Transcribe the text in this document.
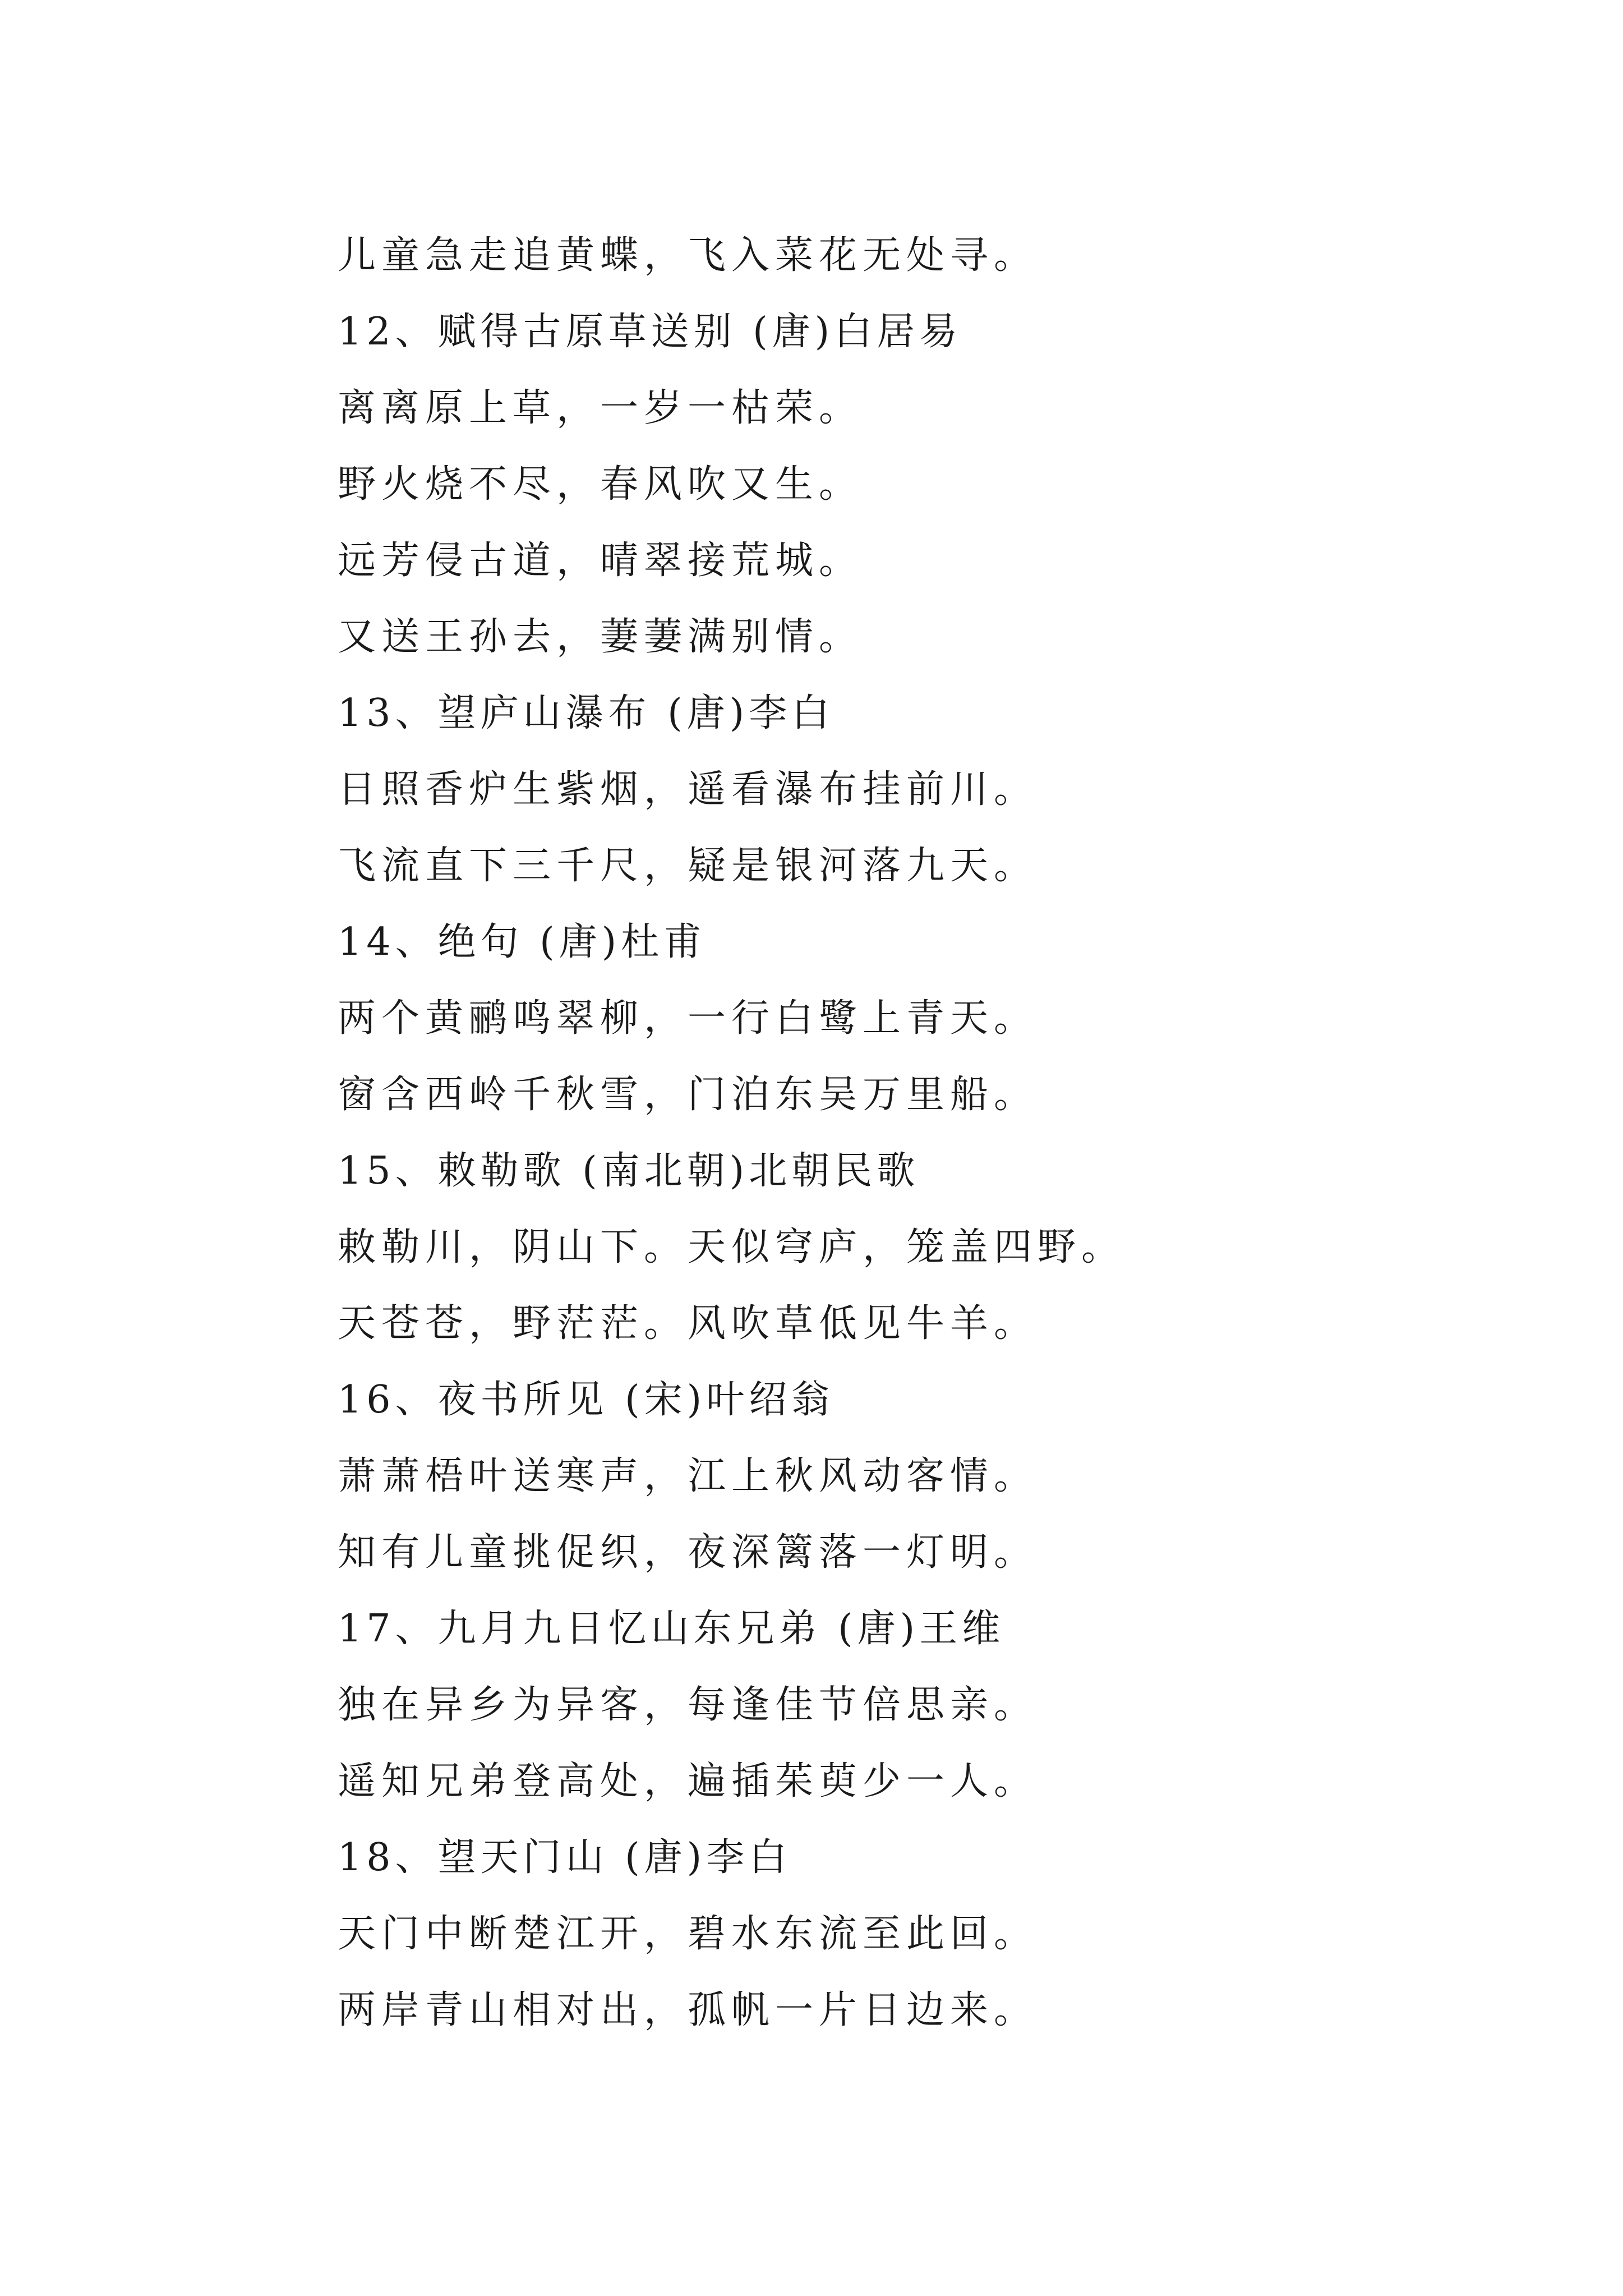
儿童急走追黄蝶，飞入菜花无处寻。
12、赋得古原草送别 (唐)白居易
离离原上草，一岁一枯荣。
野火烧不尽，春风吹又生。
远芳侵古道，晴翠接荒城。
又送王孙去，萋萋满别情。
13、望庐山瀑布 (唐)李白
日照香炉生紫烟，遥看瀑布挂前川。
飞流直下三千尺，疑是银河落九天。
14、绝句 (唐)杜甫
两个黄鹂鸣翠柳，一行白鹭上青天。
窗含西岭千秋雪，门泊东吴万里船。
15、敕勒歌 (南北朝)北朝民歌
敕勒川，阴山下。天似穹庐，笼盖四野。
天苍苍，野茫茫。风吹草低见牛羊。
16、夜书所见 (宋)叶绍翁
萧萧梧叶送寒声，江上秋风动客情。
知有儿童挑促织，夜深篱落一灯明。
17、九月九日忆山东兄弟 (唐)王维
独在异乡为异客，每逢佳节倍思亲。
遥知兄弟登高处，遍插茱萸少一人。
18、望天门山 (唐)李白
天门中断楚江开，碧水东流至此回。
两岸青山相对出，孤帆一片日边来。
